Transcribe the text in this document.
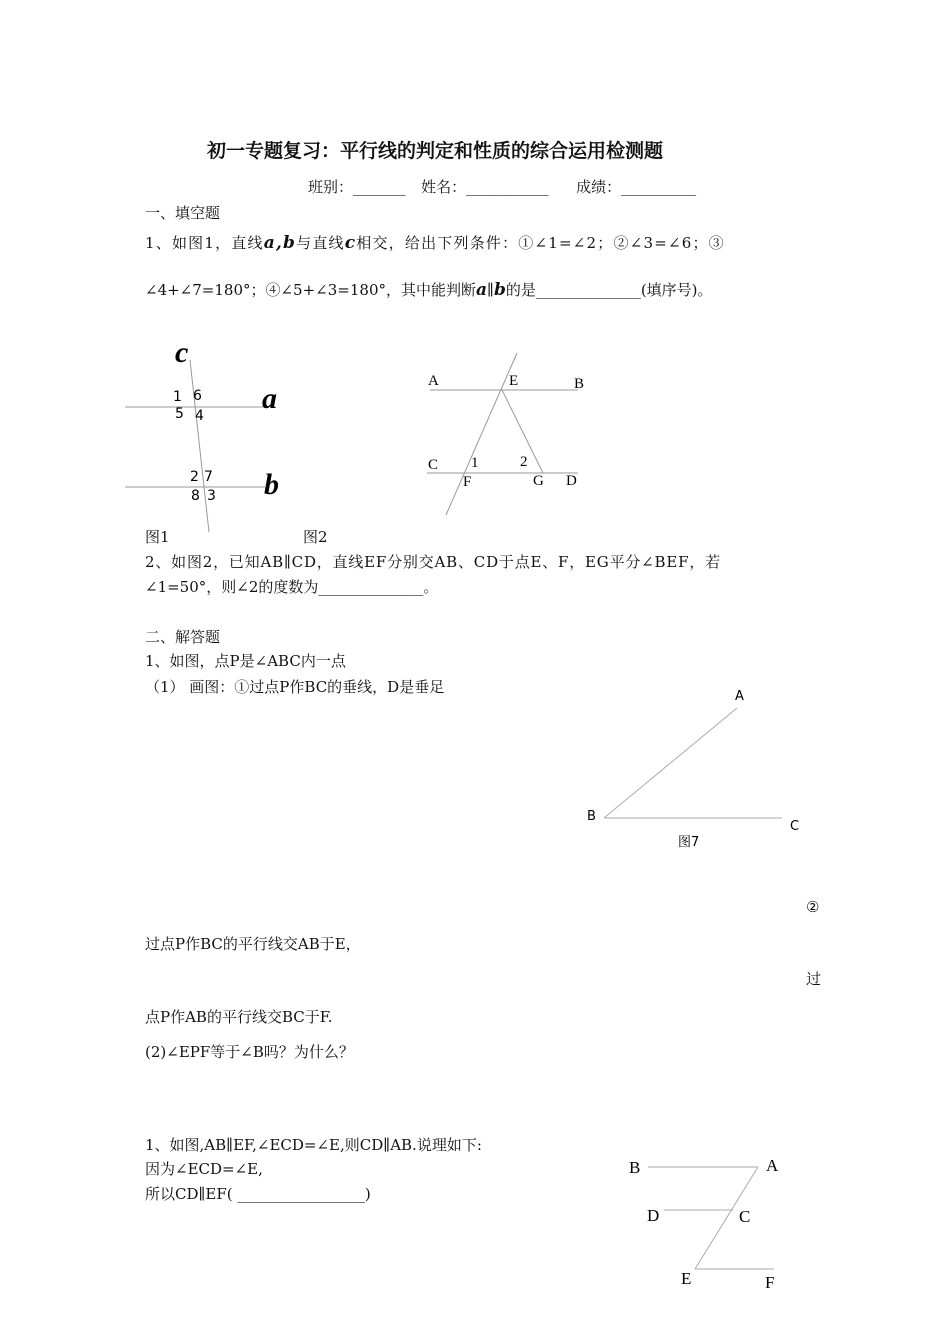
初一专题复习：平行线的判定和性质的综合运用检测题
班别：_______ 姓名：___________ 成绩：__________
一、填空题
1、如图1，直线a,b与直线c相交，给出下列条件：①∠1=∠2；②∠3=∠6；③
∠4+∠7=180°；④∠5+∠3=180°，其中能判断a∥b的是______________(填序号)。
c
a
b
1 6
5 4
2 7
8 3
A	E	B
C
D
F	G
1	2
A
B
C
图7
B	A
D	C
E	F
图1	图2
2、如图2，已知AB∥CD，直线EF分别交AB、CD于点E、F，EG平分∠BEF，若
∠1=50°，则∠2的度数为______________。
二、解答题
1、如图，点P是∠ABC内一点
（1） 画图：①过点P作BC的垂线，D是垂足
②
过点P作BC的平行线交AB于E，
过
点P作AB的平行线交BC于F.
(2)∠EPF等于∠B吗？为什么？
1、如图,AB∥EF,∠ECD=∠E,则CD∥AB.说理如下:
因为∠ECD=∠E,
所以CD∥EF( _________________)
